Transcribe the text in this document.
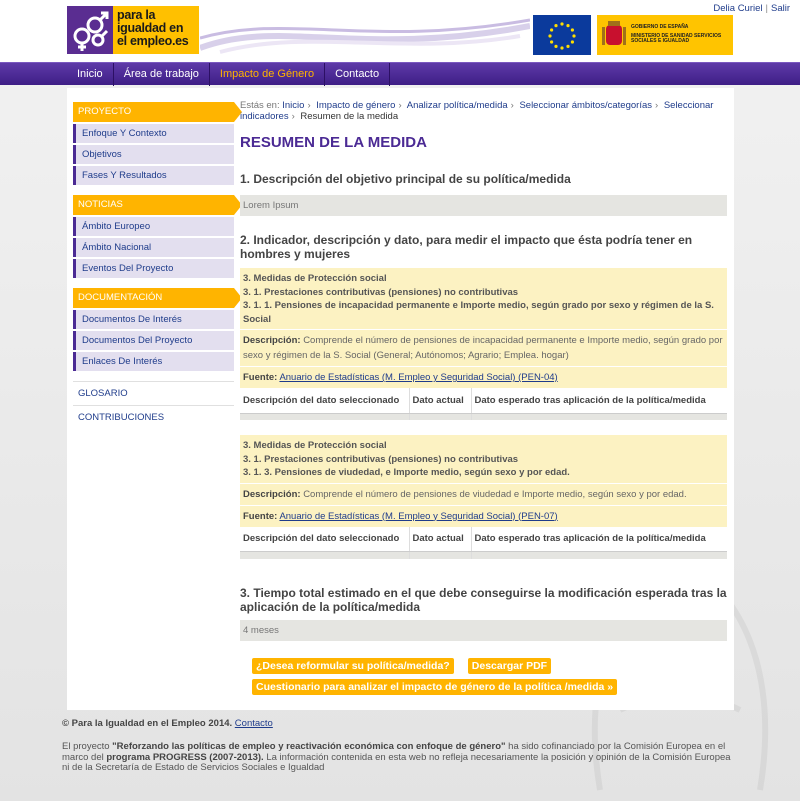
para la igualdad en el empleo.es
Delia Curiel | Salir
GOBIERNO DE ESPAÑA
MINISTERIO DE SANIDAD SERVICIOS SOCIALES E IGUALDAD
Inicio	Área de trabajo	Impacto de Género	Contacto
PROYECTO
Enfoque Y Contexto
Objetivos
Fases Y Resultados
NOTICIAS
Ámbito Europeo
Ámbito Nacional
Eventos Del Proyecto
DOCUMENTACIÓN
Documentos De Interés
Documentos Del Proyecto
Enlaces De Interés
GLOSARIO
CONTRIBUCIONES
Estás en: Inicio › Impacto de género › Analizar política/medida › Seleccionar ámbitos/categorías › Seleccionar indicadores › Resumen de la medida
RESUMEN DE LA MEDIDA
1. Descripción del objetivo principal de su política/medida
Lorem Ipsum
2. Indicador, descripción y dato, para medir el impacto que ésta podría tener en hombres y mujeres
3. Medidas de Protección social
3. 1. Prestaciones contributivas (pensiones) no contributivas
3. 1. 1. Pensiones de incapacidad permanente e Importe medio, según grado por sexo y régimen de la S. Social
Descripción: Comprende el número de pensiones de incapacidad permanente e Importe medio, según grado por sexo y régimen de la S. Social (General; Autónomos; Agrario; Emplea. hogar)
Fuente: Anuario de Estadísticas (M. Empleo y Seguridad Social) (PEN-04)
Descripción del dato seleccionado	Dato actual	Dato esperado tras aplicación de la política/medida

3. Medidas de Protección social
3. 1. Prestaciones contributivas (pensiones) no contributivas
3. 1. 3. Pensiones de viudedad, e Importe medio, según sexo y por edad.
Descripción: Comprende el número de pensiones de viudedad e Importe medio, según sexo y por edad.
Fuente: Anuario de Estadísticas (M. Empleo y Seguridad Social) (PEN-07)
Descripción del dato seleccionado	Dato actual	Dato esperado tras aplicación de la política/medida

3. Tiempo total estimado en el que debe conseguirse la modificación esperada tras la aplicación de la política/medida
4 meses
¿Desea reformular su política/medida? Descargar PDF
Cuestionario para analizar el impacto de género de la política /medida »
© Para la Igualdad en el Empleo 2014. Contacto
El proyecto "Reforzando las políticas de empleo y reactivación económica con enfoque de género" ha sido cofinanciado por la Comisión Europea en el marco del programa PROGRESS (2007-2013). La información contenida en esta web no refleja necesariamente la posición y opinión de la Comisión Europea ni de la Secretaría de Estado de Servicios Sociales e Igualdad
